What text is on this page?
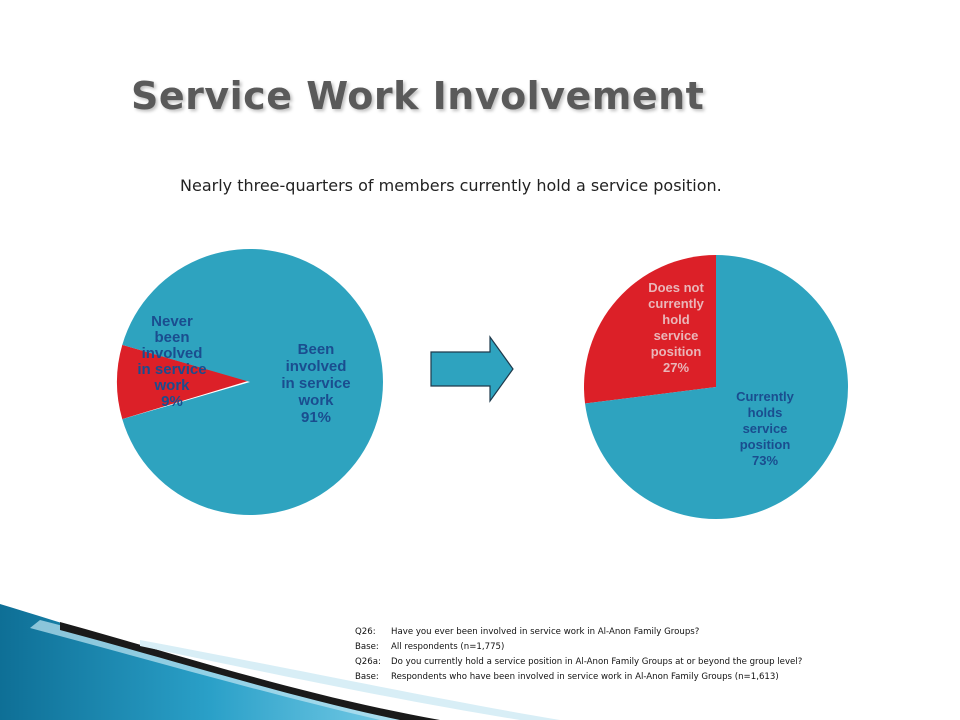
Service Work Involvement
Nearly three-quarters of members currently hold a service position.
Never been involved in service work 9%
Been involved in service work 91%
Does not currently hold service position 27%
Currently holds service position 73%
Q26: Have you ever been involved in service work in Al-Anon Family Groups?
Base: All respondents (n=1,775)
Q26a: Do you currently hold a service position in Al-Anon Family Groups at or beyond the group level?
Base: Respondents who have been involved in service work in Al-Anon Family Groups (n=1,613)
